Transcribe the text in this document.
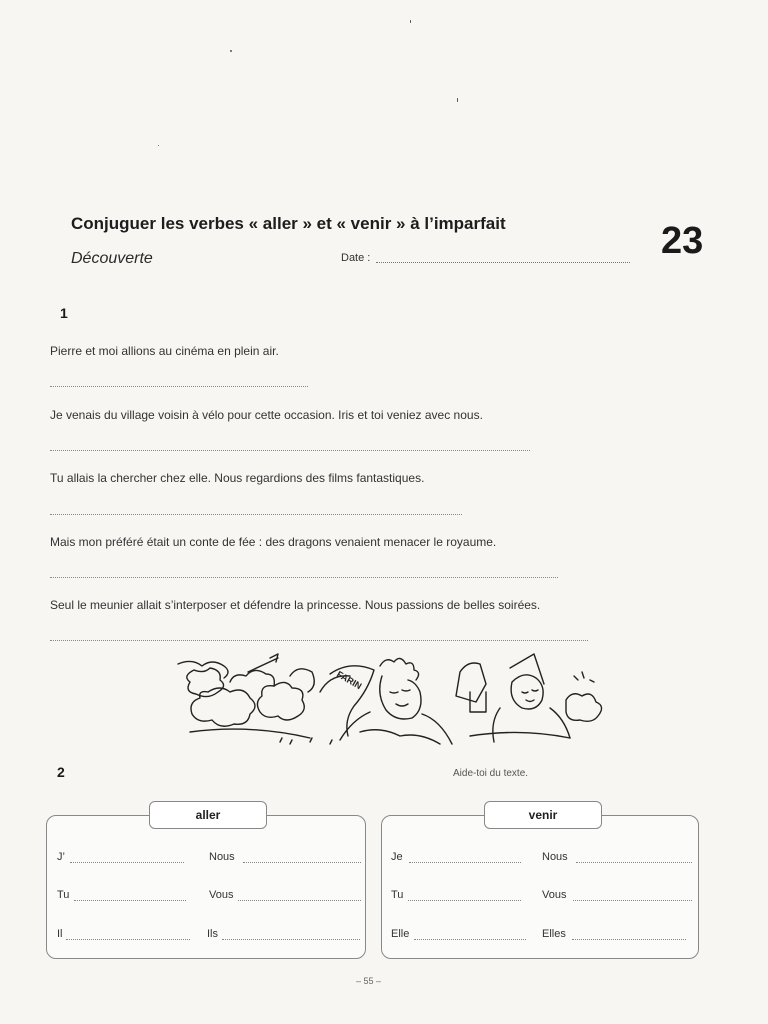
Conjuguer les verbes « aller » et « venir » à l’imparfait
Découverte	Date :	23
1
Pierre et moi allions au cinéma en plein air.
Je venais du village voisin à vélo pour cette occasion. Iris et toi veniez avec nous.
Tu allais la chercher chez elle. Nous regardions des films fantastiques.
Mais mon préféré était un conte de fée : des dragons venaient menacer le royaume.
Seul le meunier allait s’interposer et défendre la princesse. Nous passions de belles soirées.
FARIN
2	Aide-toi du texte.
aller
J’	Nous
Tu	Vous
Il	Ils
venir
Je	Nous
Tu	Vous
Elle	Elles
– 55 –
